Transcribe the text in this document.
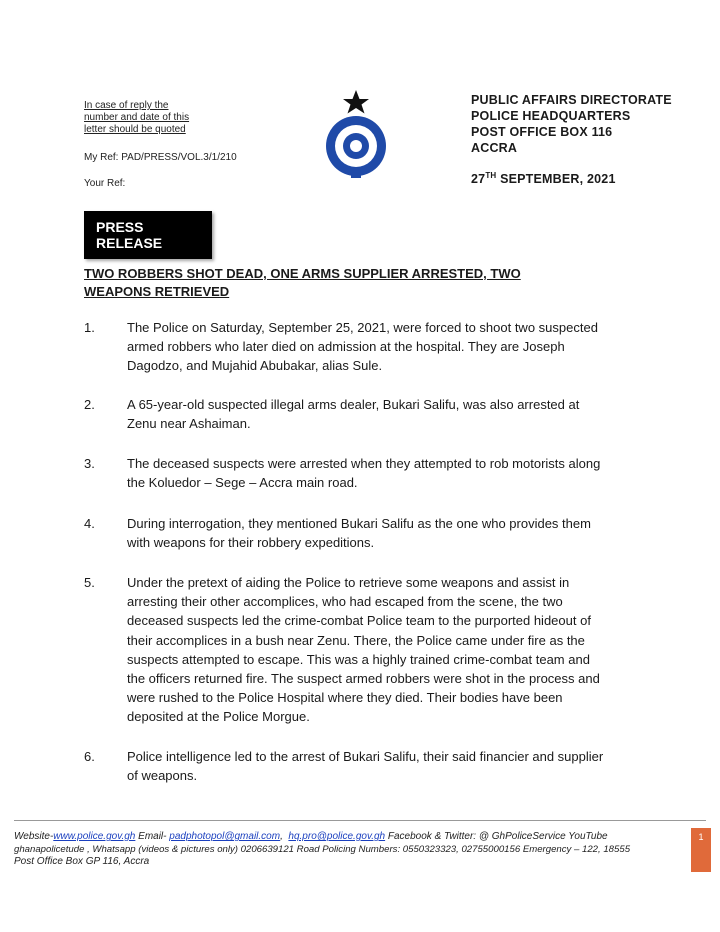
In case of reply the
number and date of this
letter should be quoted
My Ref: PAD/PRESS/VOL.3/1/210
Your Ref:
PUBLIC AFFAIRS DIRECTORATE
POLICE HEADQUARTERS
POST OFFICE BOX 116
ACCRA
27TH SEPTEMBER, 2021
PRESS RELEASE
TWO ROBBERS SHOT DEAD, ONE ARMS SUPPLIER ARRESTED, TWO
WEAPONS RETRIEVED
1. The Police on Saturday, September 25, 2021, were forced to shoot two suspected
armed robbers who later died on admission at the hospital. They are Joseph
Dagodzo, and Mujahid Abubakar, alias Sule.
2. A 65-year-old suspected illegal arms dealer, Bukari Salifu, was also arrested at
Zenu near Ashaiman.
3. The deceased suspects were arrested when they attempted to rob motorists along
the Koluedor – Sege – Accra main road.
4. During interrogation, they mentioned Bukari Salifu as the one who provides them
with weapons for their robbery expeditions.
5. Under the pretext of aiding the Police to retrieve some weapons and assist in
arresting their other accomplices, who had escaped from the scene, the two
deceased suspects led the crime-combat Police team to the purported hideout of
their accomplices in a bush near Zenu. There, the Police came under fire as the
suspects attempted to escape. This was a highly trained crime-combat team and
the officers returned fire. The suspect armed robbers were shot in the process and
were rushed to the Police Hospital where they died. Their bodies have been
deposited at the Police Morgue.
6. Police intelligence led to the arrest of Bukari Salifu, their said financier and supplier
of weapons.
Website-www.police.gov.gh Email- padphotopol@gmail.com,  hq.pro@police.gov.gh Facebook & Twitter: @ GhPoliceService YouTube
ghanapolicetude , Whatsapp (videos & pictures only) 0206639121 Road Policing Numbers: 0550323323, 02755000156 Emergency – 122, 18555
Post Office Box GP 116, Accra
1
